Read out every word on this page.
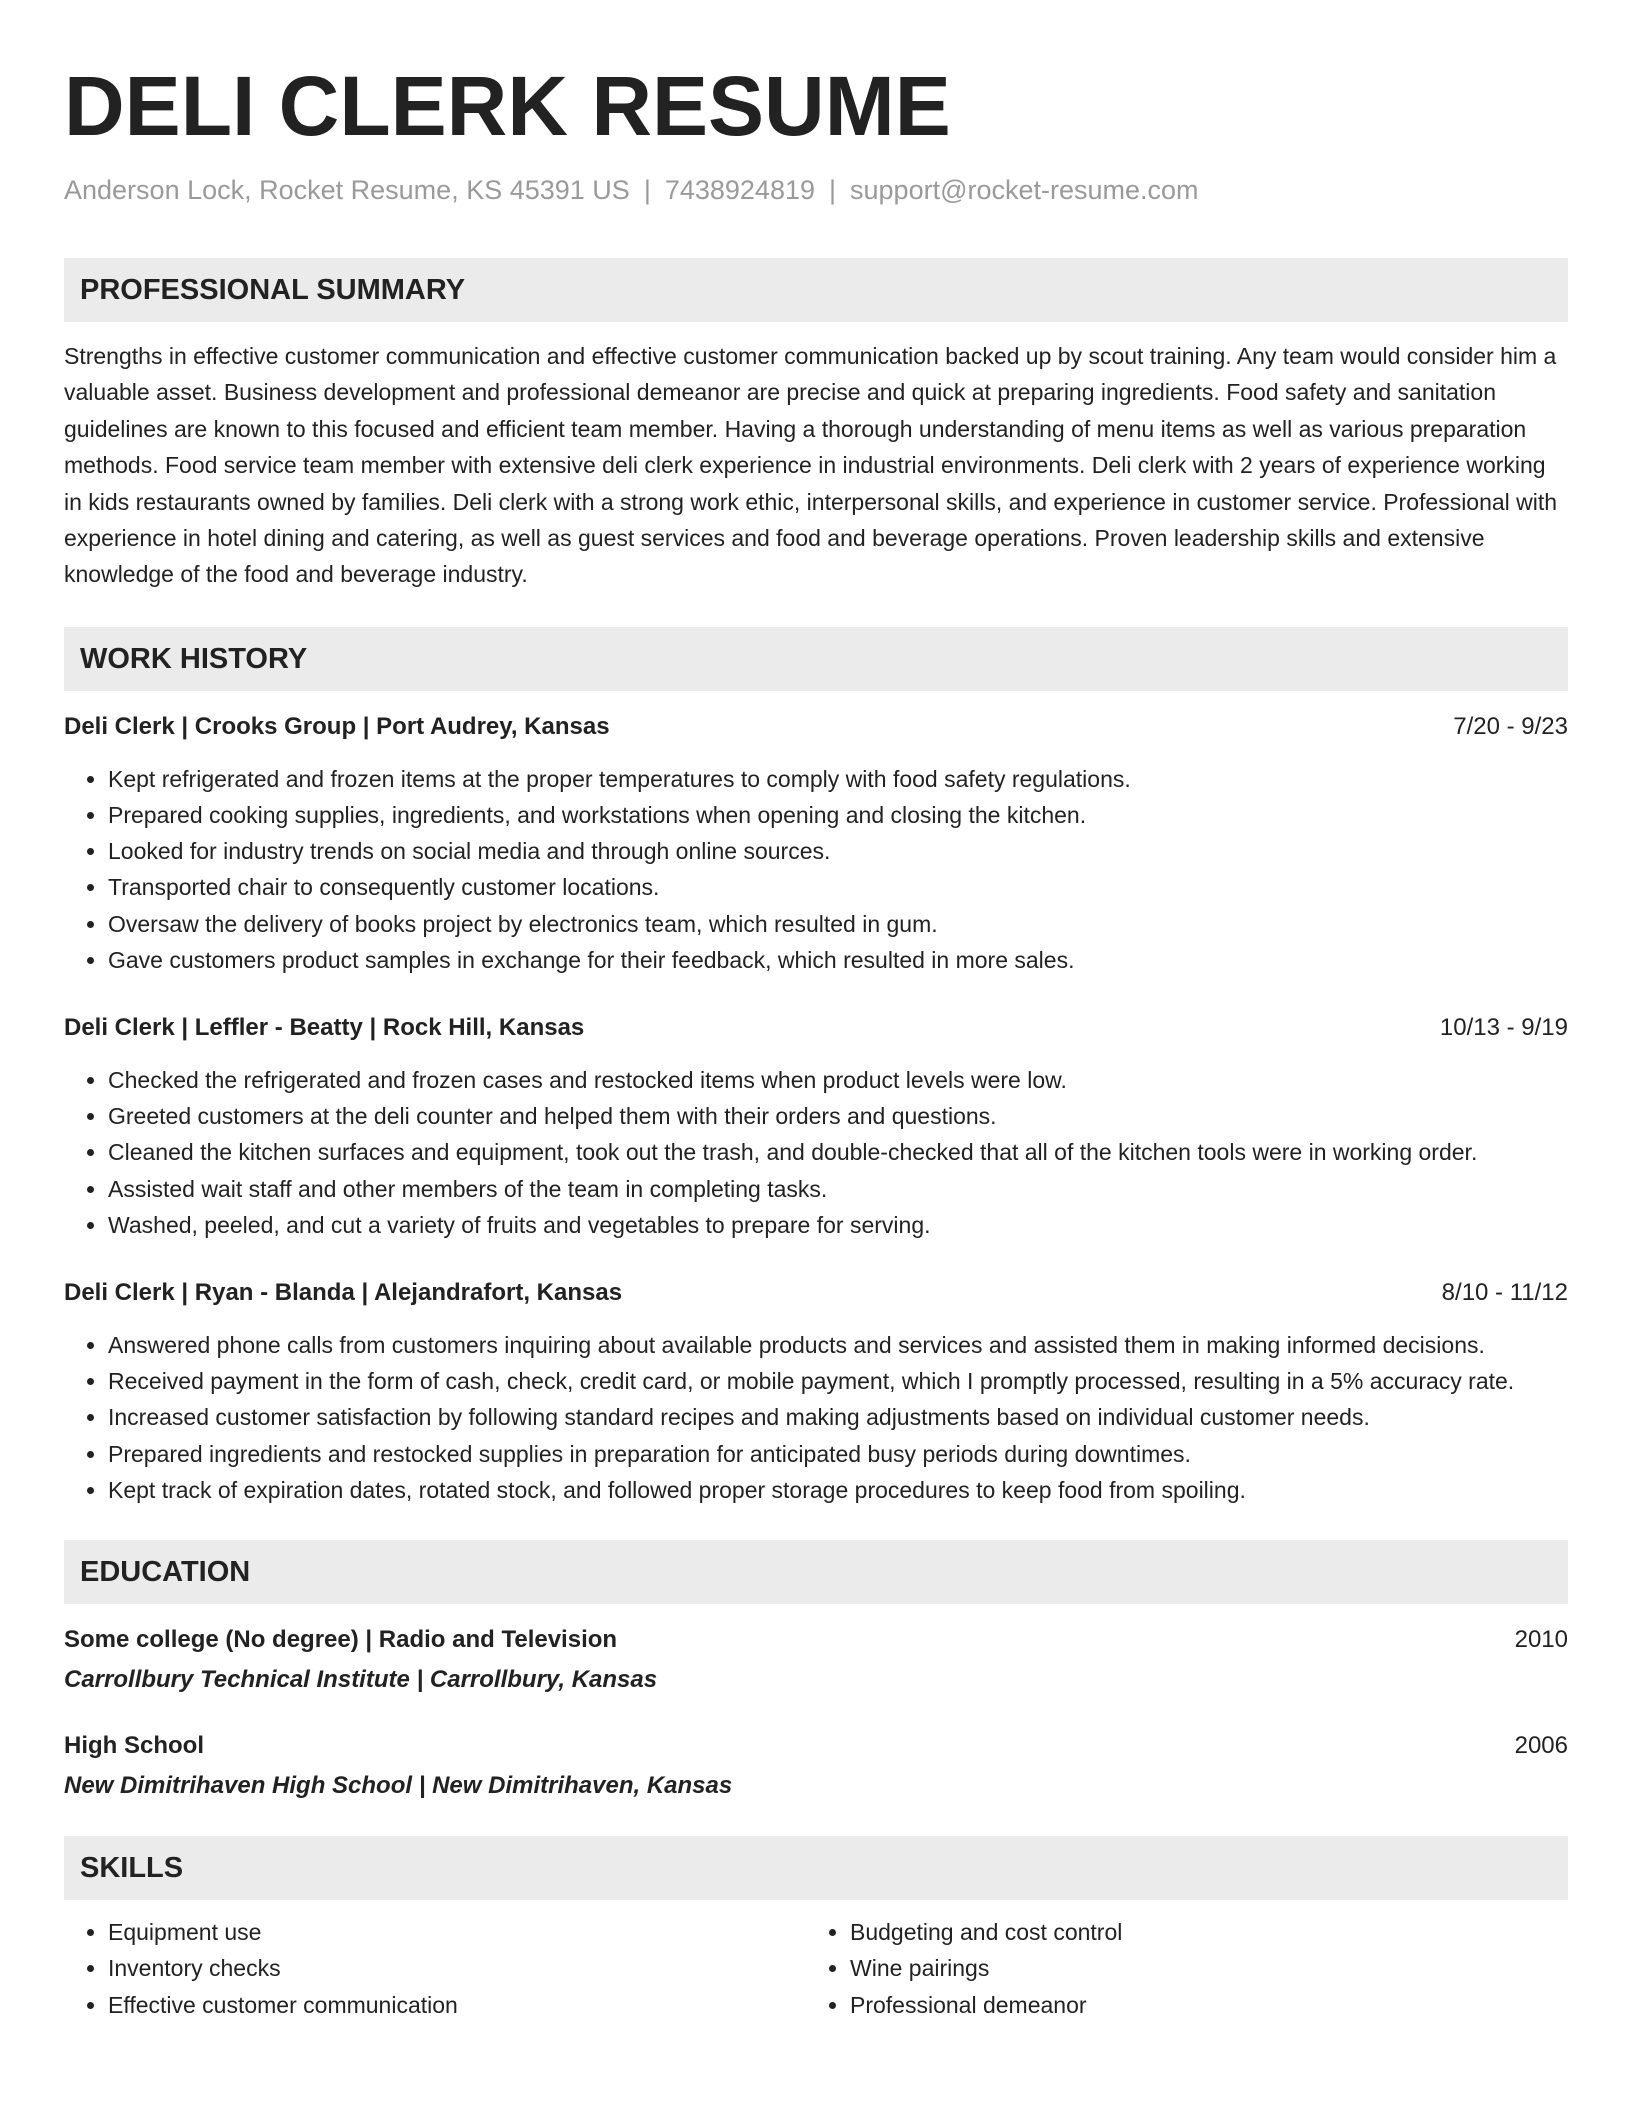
DELI CLERK RESUME
Anderson Lock, Rocket Resume, KS 45391 US | 7438924819 | support@rocket-resume.com
PROFESSIONAL SUMMARY
Strengths in effective customer communication and effective customer communication backed up by scout training. Any team would consider him a valuable asset. Business development and professional demeanor are precise and quick at preparing ingredients. Food safety and sanitation guidelines are known to this focused and efficient team member. Having a thorough understanding of menu items as well as various preparation methods. Food service team member with extensive deli clerk experience in industrial environments. Deli clerk with 2 years of experience working in kids restaurants owned by families. Deli clerk with a strong work ethic, interpersonal skills, and experience in customer service. Professional with experience in hotel dining and catering, as well as guest services and food and beverage operations. Proven leadership skills and extensive knowledge of the food and beverage industry.
WORK HISTORY
Deli Clerk | Crooks Group | Port Audrey, Kansas	7/20 - 9/23
• Kept refrigerated and frozen items at the proper temperatures to comply with food safety regulations.
• Prepared cooking supplies, ingredients, and workstations when opening and closing the kitchen.
• Looked for industry trends on social media and through online sources.
• Transported chair to consequently customer locations.
• Oversaw the delivery of books project by electronics team, which resulted in gum.
• Gave customers product samples in exchange for their feedback, which resulted in more sales.
Deli Clerk | Leffler - Beatty | Rock Hill, Kansas	10/13 - 9/19
• Checked the refrigerated and frozen cases and restocked items when product levels were low.
• Greeted customers at the deli counter and helped them with their orders and questions.
• Cleaned the kitchen surfaces and equipment, took out the trash, and double-checked that all of the kitchen tools were in working order.
• Assisted wait staff and other members of the team in completing tasks.
• Washed, peeled, and cut a variety of fruits and vegetables to prepare for serving.
Deli Clerk | Ryan - Blanda | Alejandrafort, Kansas	8/10 - 11/12
• Answered phone calls from customers inquiring about available products and services and assisted them in making informed decisions.
• Received payment in the form of cash, check, credit card, or mobile payment, which I promptly processed, resulting in a 5% accuracy rate.
• Increased customer satisfaction by following standard recipes and making adjustments based on individual customer needs.
• Prepared ingredients and restocked supplies in preparation for anticipated busy periods during downtimes.
• Kept track of expiration dates, rotated stock, and followed proper storage procedures to keep food from spoiling.
EDUCATION
Some college (No degree) | Radio and Television	2010
Carrollbury Technical Institute | Carrollbury, Kansas
High School	2006
New Dimitrihaven High School | New Dimitrihaven, Kansas
SKILLS
• Equipment use
• Inventory checks
• Effective customer communication
• Budgeting and cost control
• Wine pairings
• Professional demeanor
